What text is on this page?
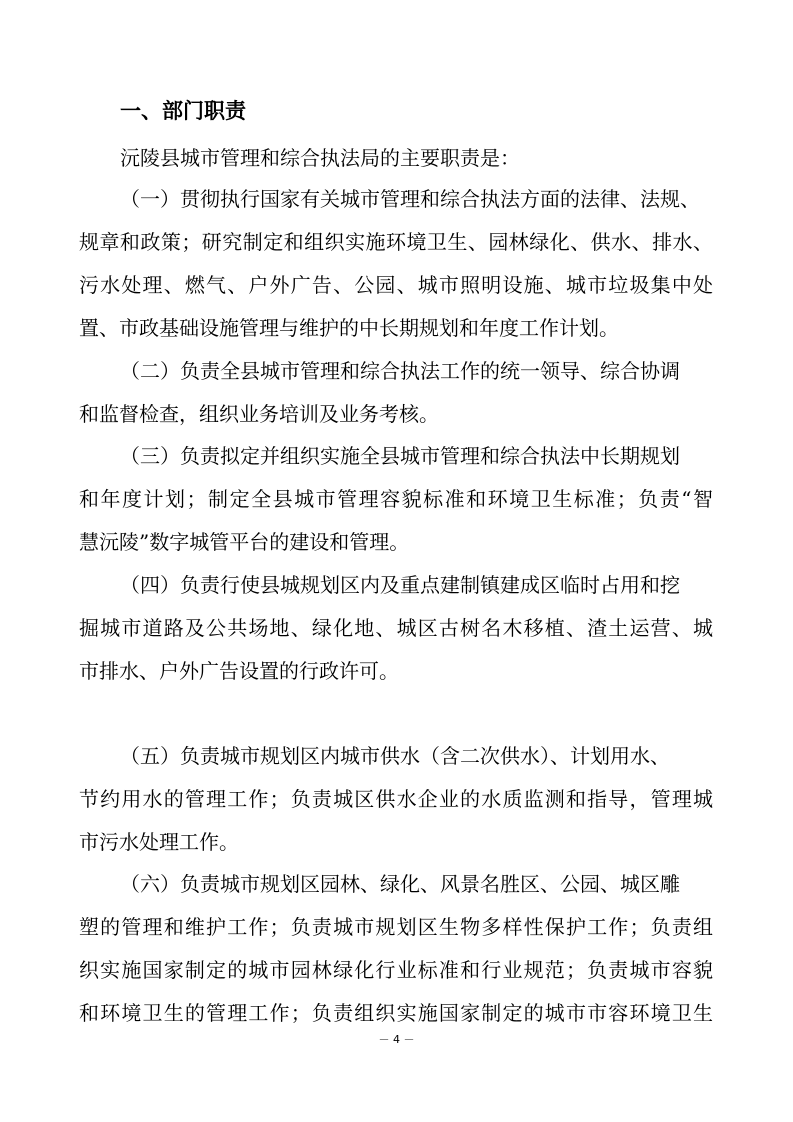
一、部门职责
沅陵县城市管理和综合执法局的主要职责是：
（一）贯彻执行国家有关城市管理和综合执法方面的法律、法规、
规章和政策；研究制定和组织实施环境卫生、园林绿化、供水、排水、
污水处理、燃气、户外广告、公园、城市照明设施、城市垃圾集中处
置、市政基础设施管理与维护的中长期规划和年度工作计划。
（二）负责全县城市管理和综合执法工作的统一领导、综合协调
和监督检查，组织业务培训及业务考核。
（三）负责拟定并组织实施全县城市管理和综合执法中长期规划
和年度计划；制定全县城市管理容貌标准和环境卫生标准；负责“智
慧沅陵”数字城管平台的建设和管理。
（四）负责行使县城规划区内及重点建制镇建成区临时占用和挖
掘城市道路及公共场地、绿化地、城区古树名木移植、渣土运营、城
市排水、户外广告设置的行政许可。
（五）负责城市规划区内城市供水（含二次供水）、计划用水、
节约用水的管理工作；负责城区供水企业的水质监测和指导，管理城
市污水处理工作。
（六）负责城市规划区园林、绿化、风景名胜区、公园、城区雕
塑的管理和维护工作；负责城市规划区生物多样性保护工作；负责组
织实施国家制定的城市园林绿化行业标准和行业规范；负责城市容貌
和环境卫生的管理工作；负责组织实施国家制定的城市市容环境卫生
－ 4 －
